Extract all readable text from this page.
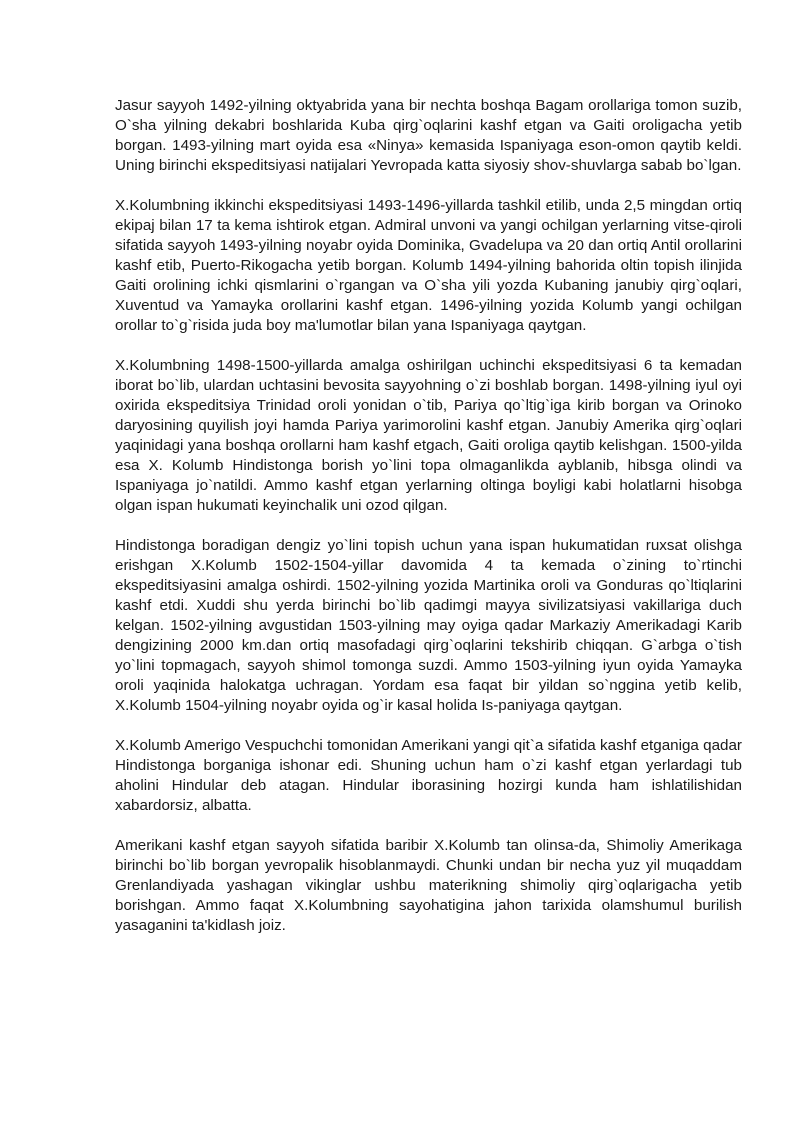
Jasur sayyoh 1492-yilning oktyabrida yana bir nechta boshqa Bagam orollariga tomon suzib, O`sha yilning dekabri boshlarida Kuba qirg`oqlarini kashf etgan va Gaiti oroligacha yetib borgan. 1493-yilning mart oyida esa «Ninya» kemasida Ispaniyaga eson-omon qaytib keldi. Uning birinchi ekspeditsiyasi natijalari Yevropada katta siyosiy shov-shuvlarga sabab bo`lgan.

X.Kolumbning ikkinchi ekspeditsiyasi 1493-1496-yillarda tashkil etilib, unda 2,5 mingdan ortiq ekipaj bilan 17 ta kema ishtirok etgan. Admiral unvoni va yangi ochilgan yerlarning vitse-qiroli sifatida sayyoh 1493-yilning noyabr oyida Dominika, Gvadelupa va 20 dan ortiq Antil orollarini kashf etib, Puerto-Rikogacha yetib borgan. Kolumb 1494-yilning bahorida oltin topish ilinjida Gaiti orolining ichki qismlarini o`rgangan va O`sha yili yozda Kubaning janubiy qirg`oqlari, Xuventud va Yamayka orollarini kashf etgan. 1496-yilning yozida Kolumb yangi ochilgan orollar to`g`risida juda boy ma'lumotlar bilan yana Ispaniyaga qaytgan.

X.Kolumbning 1498-1500-yillarda amalga oshirilgan uchinchi ekspeditsiyasi 6 ta kemadan iborat bo`lib, ulardan uchtasini bevosita sayyohning o`zi boshlab borgan. 1498-yilning iyul oyi oxirida ekspeditsiya Trinidad oroli yonidan o`tib, Pariya qo`ltig`iga kirib borgan va Orinoko daryosining quyilish joyi hamda Pariya yarimorolini kashf etgan. Janubiy Amerika qirg`oqlari yaqinidagi yana boshqa orollarni ham kashf etgach, Gaiti oroliga qaytib kelishgan. 1500-yilda esa X. Kolumb Hindistonga borish yo`lini topa olmaganlikda ayblanib, hibsga olindi va Ispaniyaga jo`natildi. Ammo kashf etgan yerlarning oltinga boyligi kabi holatlarni hisobga olgan ispan hukumati keyinchalik uni ozod qilgan.

Hindistonga boradigan dengiz yo`lini topish uchun yana ispan hukumatidan ruxsat olishga erishgan X.Kolumb 1502-1504-yillar davomida 4 ta kemada o`zining to`rtinchi ekspeditsiyasini amalga oshirdi. 1502-yilning yozida Martinika oroli va Gonduras qo`ltiqlarini kashf etdi. Xuddi shu yerda birinchi bo`lib qadimgi mayya sivilizatsiyasi vakillariga duch kelgan. 1502-yilning avgustidan 1503-yilning may oyiga qadar Markaziy Amerikadagi Karib dengizining 2000 km.dan ortiq masofadagi qirg`oqlarini tekshirib chiqqan. G`arbga o`tish yo`lini topmagach, sayyoh shimol tomonga suzdi. Ammo 1503-yilning iyun oyida Yamayka oroli yaqinida halokatga uchragan. Yordam esa faqat bir yildan so`nggina yetib kelib, X.Kolumb 1504-yilning noyabr oyida og`ir kasal holida Is-paniyaga qaytgan.

X.Kolumb Amerigo Vespuchchi tomonidan Amerikani yangi qit`a sifatida kashf etganiga qadar Hindistonga borganiga ishonar edi. Shuning uchun ham o`zi kashf etgan yerlardagi tub aholini Hindular deb atagan. Hindular iborasining hozirgi kunda ham ishlatilishidan xabardorsiz, albatta.

Amerikani kashf etgan sayyoh sifatida baribir X.Kolumb tan olinsa-da, Shimoliy Amerikaga birinchi bo`lib borgan yevropalik hisoblanmaydi. Chunki undan bir necha yuz yil muqaddam Grenlandiyada yashagan vikinglar ushbu materikning shimoliy qirg`oqlarigacha yetib borishgan. Ammo faqat X.Kolumbning sayohatigina jahon tarixida olamshumul burilish yasaganini ta'kidlash joiz.
